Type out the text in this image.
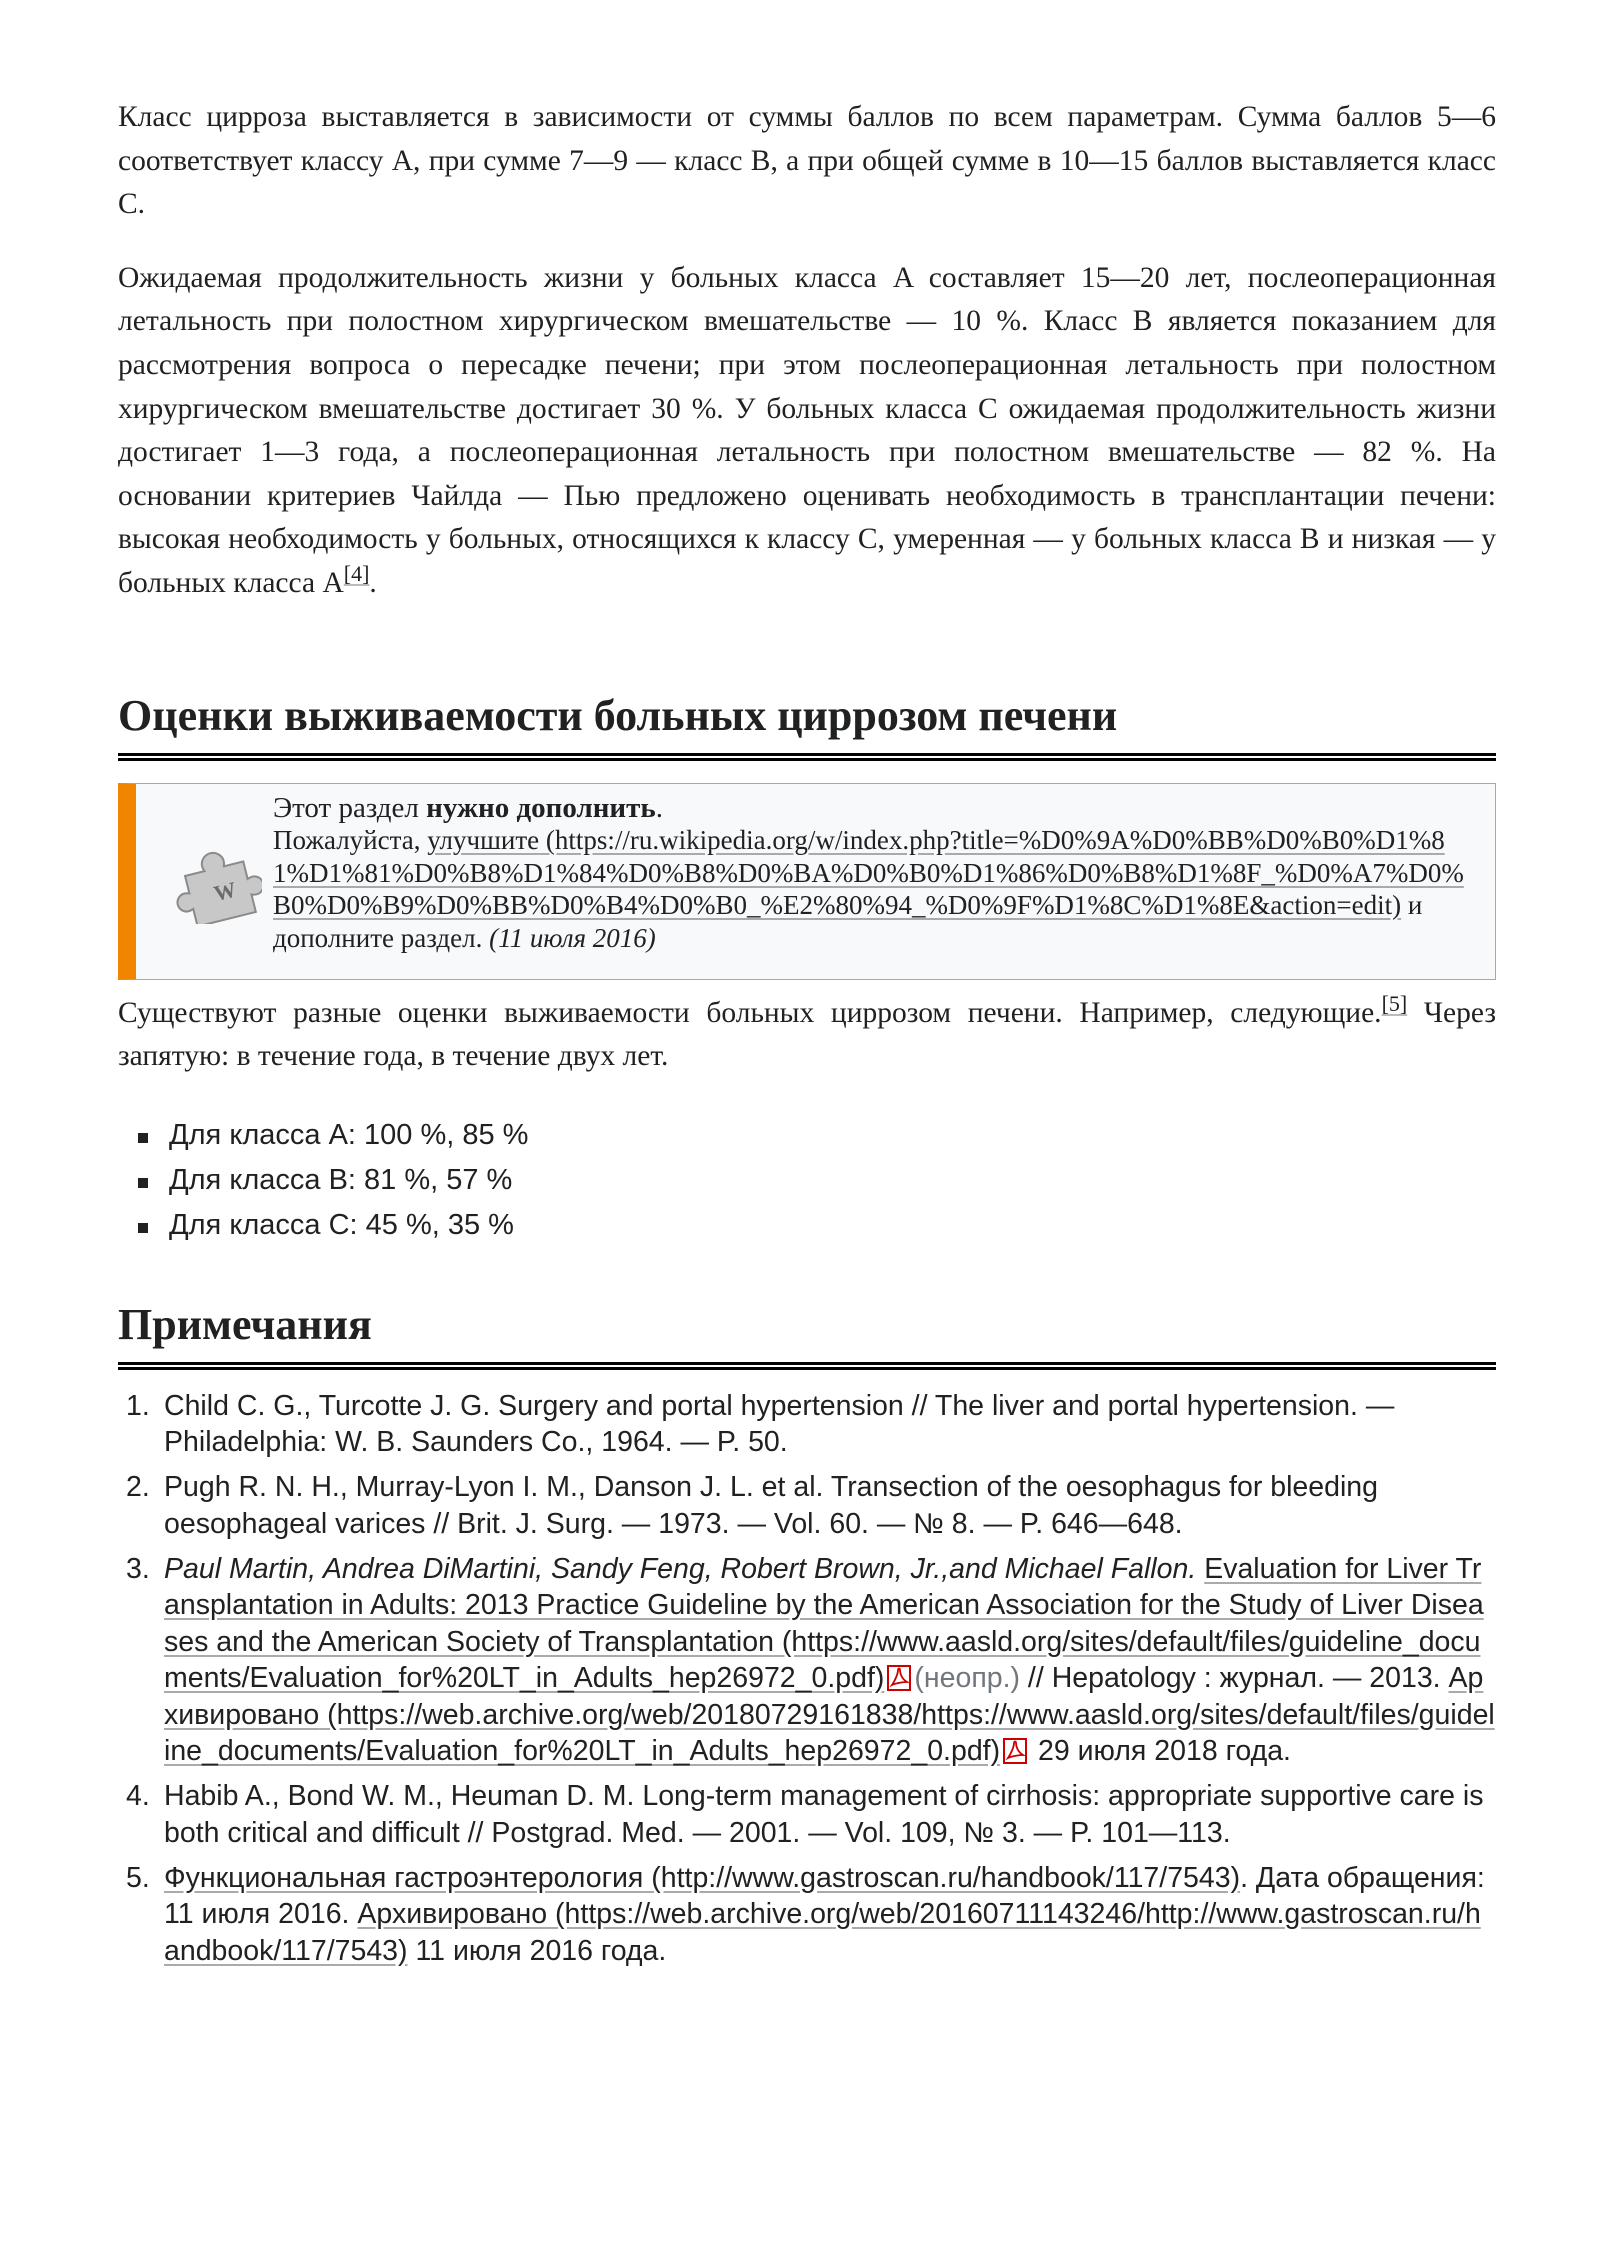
Класс цирроза выставляется в зависимости от суммы баллов по всем параметрам. Сумма баллов 5—6 соответствует классу A, при сумме 7—9 — класс B, а при общей сумме в 10—15 баллов выставляется класс C.

Ожидаемая продолжительность жизни у больных класса A составляет 15—20 лет, послеоперационная летальность при полостном хирургическом вмешательстве — 10 %. Класс B является показанием для рассмотрения вопроса о пересадке печени; при этом послеоперационная летальность при полостном хирургическом вмешательстве достигает 30 %. У больных класса C ожидаемая продолжительность жизни достигает 1—3 года, а послеоперационная летальность при полостном вмешательстве — 82 %. На основании критериев Чайлда — Пью предложено оценивать необходимость в трансплантации печени: высокая необходимость у больных, относящихся к классу C, умеренная — у больных класса B и низкая — у больных класса A[4].

Оценки выживаемости больных циррозом печени
W
Этот раздел нужно дополнить.
Пожалуйста, улучшите (https://ru.wikipedia.org/w/index.php?title=%D0%9A%D0%BB%D0%B0%D1%81%D1%81%D0%B8%D1%84%D0%B8%D0%BA%D0%B0%D1%86%D0%B8%D1%8F_%D0%A7%D0%B0%D0%B9%D0%BB%D0%B4%D0%B0_%E2%80%94_%D0%9F%D1%8C%D1%8E&action=edit) и дополните раздел. (11 июля 2016)

Существуют разные оценки выживаемости больных циррозом печени. Например, следующие.[5] Через запятую: в течение года, в течение двух лет.

Для класса A: 100 %, 85 %
Для класса B: 81 %, 57 %
Для класса C: 45 %, 35 %
Примечания
1. Child C. G., Turcotte J. G. Surgery and portal hypertension // The liver and portal hypertension. — Philadelphia: W. B. Saunders Co., 1964. — P. 50.
2. Pugh R. N. H., Murray-Lyon I. M., Danson J. L. et al. Transection of the oesophagus for bleeding oesophageal varices // Brit. J. Surg. — 1973. — Vol. 60. — № 8. — P. 646—648.
3. Paul Martin, Andrea DiMartini, Sandy Feng, Robert Brown, Jr.,and Michael Fallon. Evaluation for Liver Transplantation in Adults: 2013 Practice Guideline by the American Association for the Study of Liver Diseases and the American Society of Transplantation (https://www.aasld.org/sites/default/files/guideline_documents/Evaluation_for%20LT_in_Adults_hep26972_0.pdf) (неопр.) // Hepatology : журнал. — 2013. Архивировано (https://web.archive.org/web/20180729161838/https://www.aasld.org/sites/default/files/guideline_documents/Evaluation_for%20LT_in_Adults_hep26972_0.pdf) 29 июля 2018 года.
4. Habib A., Bond W. M., Heuman D. M. Long-term management of cirrhosis: appropriate supportive care is both critical and difficult // Postgrad. Med. — 2001. — Vol. 109, № 3. — P. 101—113.
5. Функциональная гастроэнтерология (http://www.gastroscan.ru/handbook/117/7543). Дата обращения: 11 июля 2016. Архивировано (https://web.archive.org/web/20160711143246/http://www.gastroscan.ru/handbook/117/7543) 11 июля 2016 года.
